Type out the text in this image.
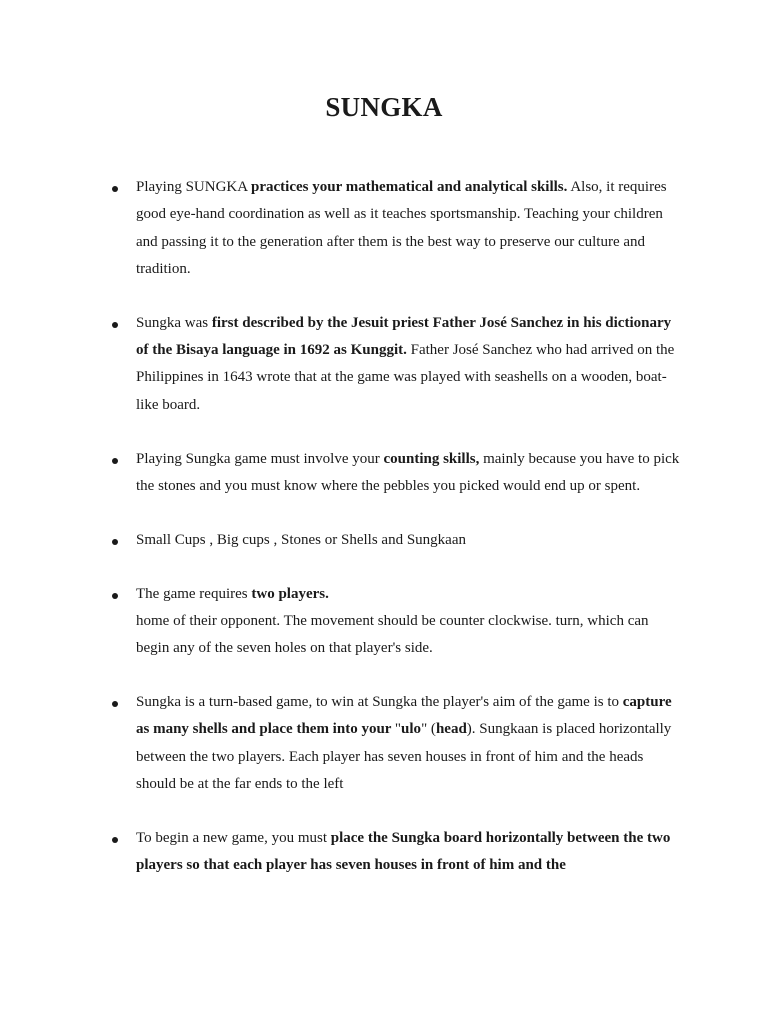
SUNGKA
Playing SUNGKA practices your mathematical and analytical skills. Also, it requires good eye-hand coordination as well as it teaches sportsmanship. Teaching your children and passing it to the generation after them is the best way to preserve our culture and tradition.
Sungka was first described by the Jesuit priest Father José Sanchez in his dictionary of the Bisaya language in 1692 as Kunggit. Father José Sanchez who had arrived on the Philippines in 1643 wrote that at the game was played with seashells on a wooden, boat-like board.
Playing Sungka game must involve your counting skills, mainly because you have to pick the stones and you must know where the pebbles you picked would end up or spent.
Small Cups , Big cups , Stones or Shells and Sungkaan
The game requires two players.
home of their opponent. The movement should be counter clockwise. turn, which can begin any of the seven holes on that player's side.
Sungka is a turn-based game, to win at Sungka the player's aim of the game is to capture as many shells and place them into your "ulo" (head). Sungkaan is placed horizontally between the two players. Each player has seven houses in front of him and the heads should be at the far ends to the left
To begin a new game, you must place the Sungka board horizontally between the two players so that each player has seven houses in front of him and the
